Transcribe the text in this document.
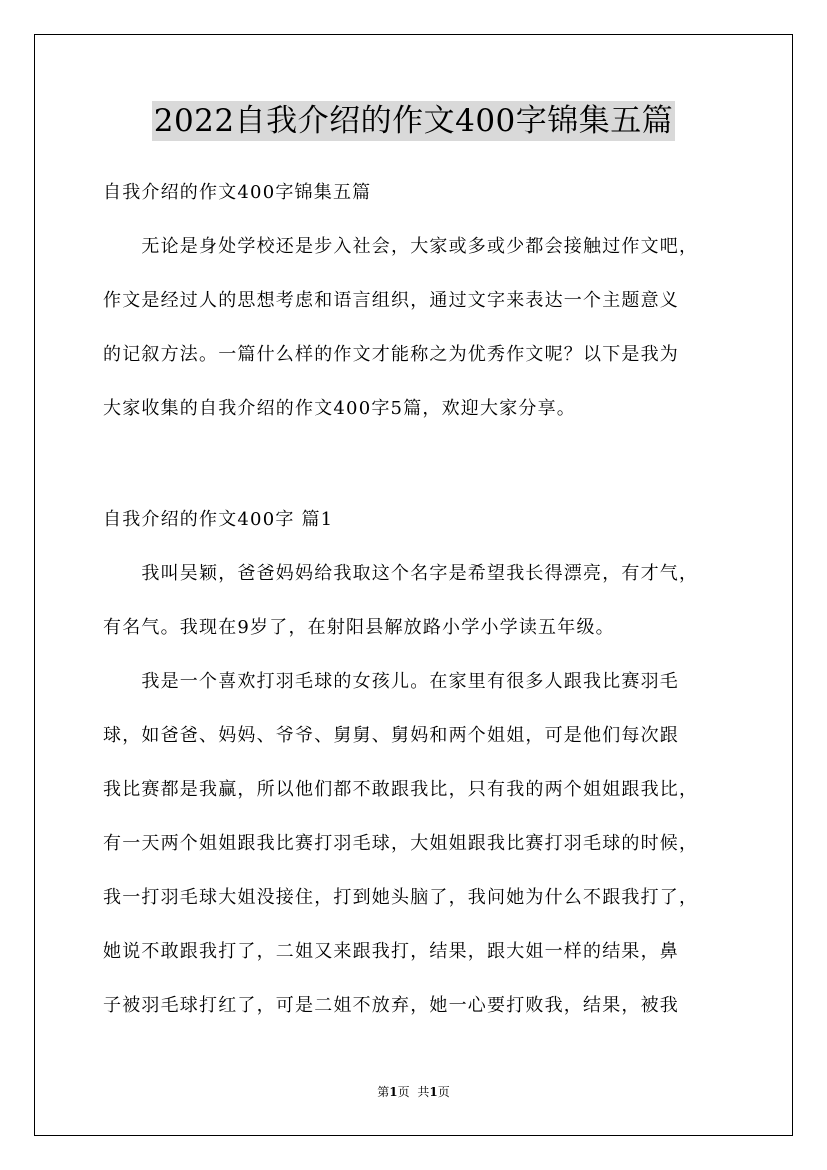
2022自我介绍的作文400字锦集五篇
自我介绍的作文400字锦集五篇
　　无论是身处学校还是步入社会，大家或多或少都会接触过作文吧，
作文是经过人的思想考虑和语言组织，通过文字来表达一个主题意义
的记叙方法。一篇什么样的作文才能称之为优秀作文呢？以下是我为
大家收集的自我介绍的作文400字5篇，欢迎大家分享。
自我介绍的作文400字 篇1
　　我叫吴颖，爸爸妈妈给我取这个名字是希望我长得漂亮，有才气，
有名气。我现在9岁了，在射阳县解放路小学小学读五年级。
　　我是一个喜欢打羽毛球的女孩儿。在家里有很多人跟我比赛羽毛
球，如爸爸、妈妈、爷爷、舅舅、舅妈和两个姐姐，可是他们每次跟
我比赛都是我赢，所以他们都不敢跟我比，只有我的两个姐姐跟我比，
有一天两个姐姐跟我比赛打羽毛球，大姐姐跟我比赛打羽毛球的时候，
我一打羽毛球大姐没接住，打到她头脑了，我问她为什么不跟我打了，
她说不敢跟我打了，二姐又来跟我打，结果，跟大姐一样的结果，鼻
子被羽毛球打红了，可是二姐不放弃，她一心要打败我，结果，被我
第1页 共1页
